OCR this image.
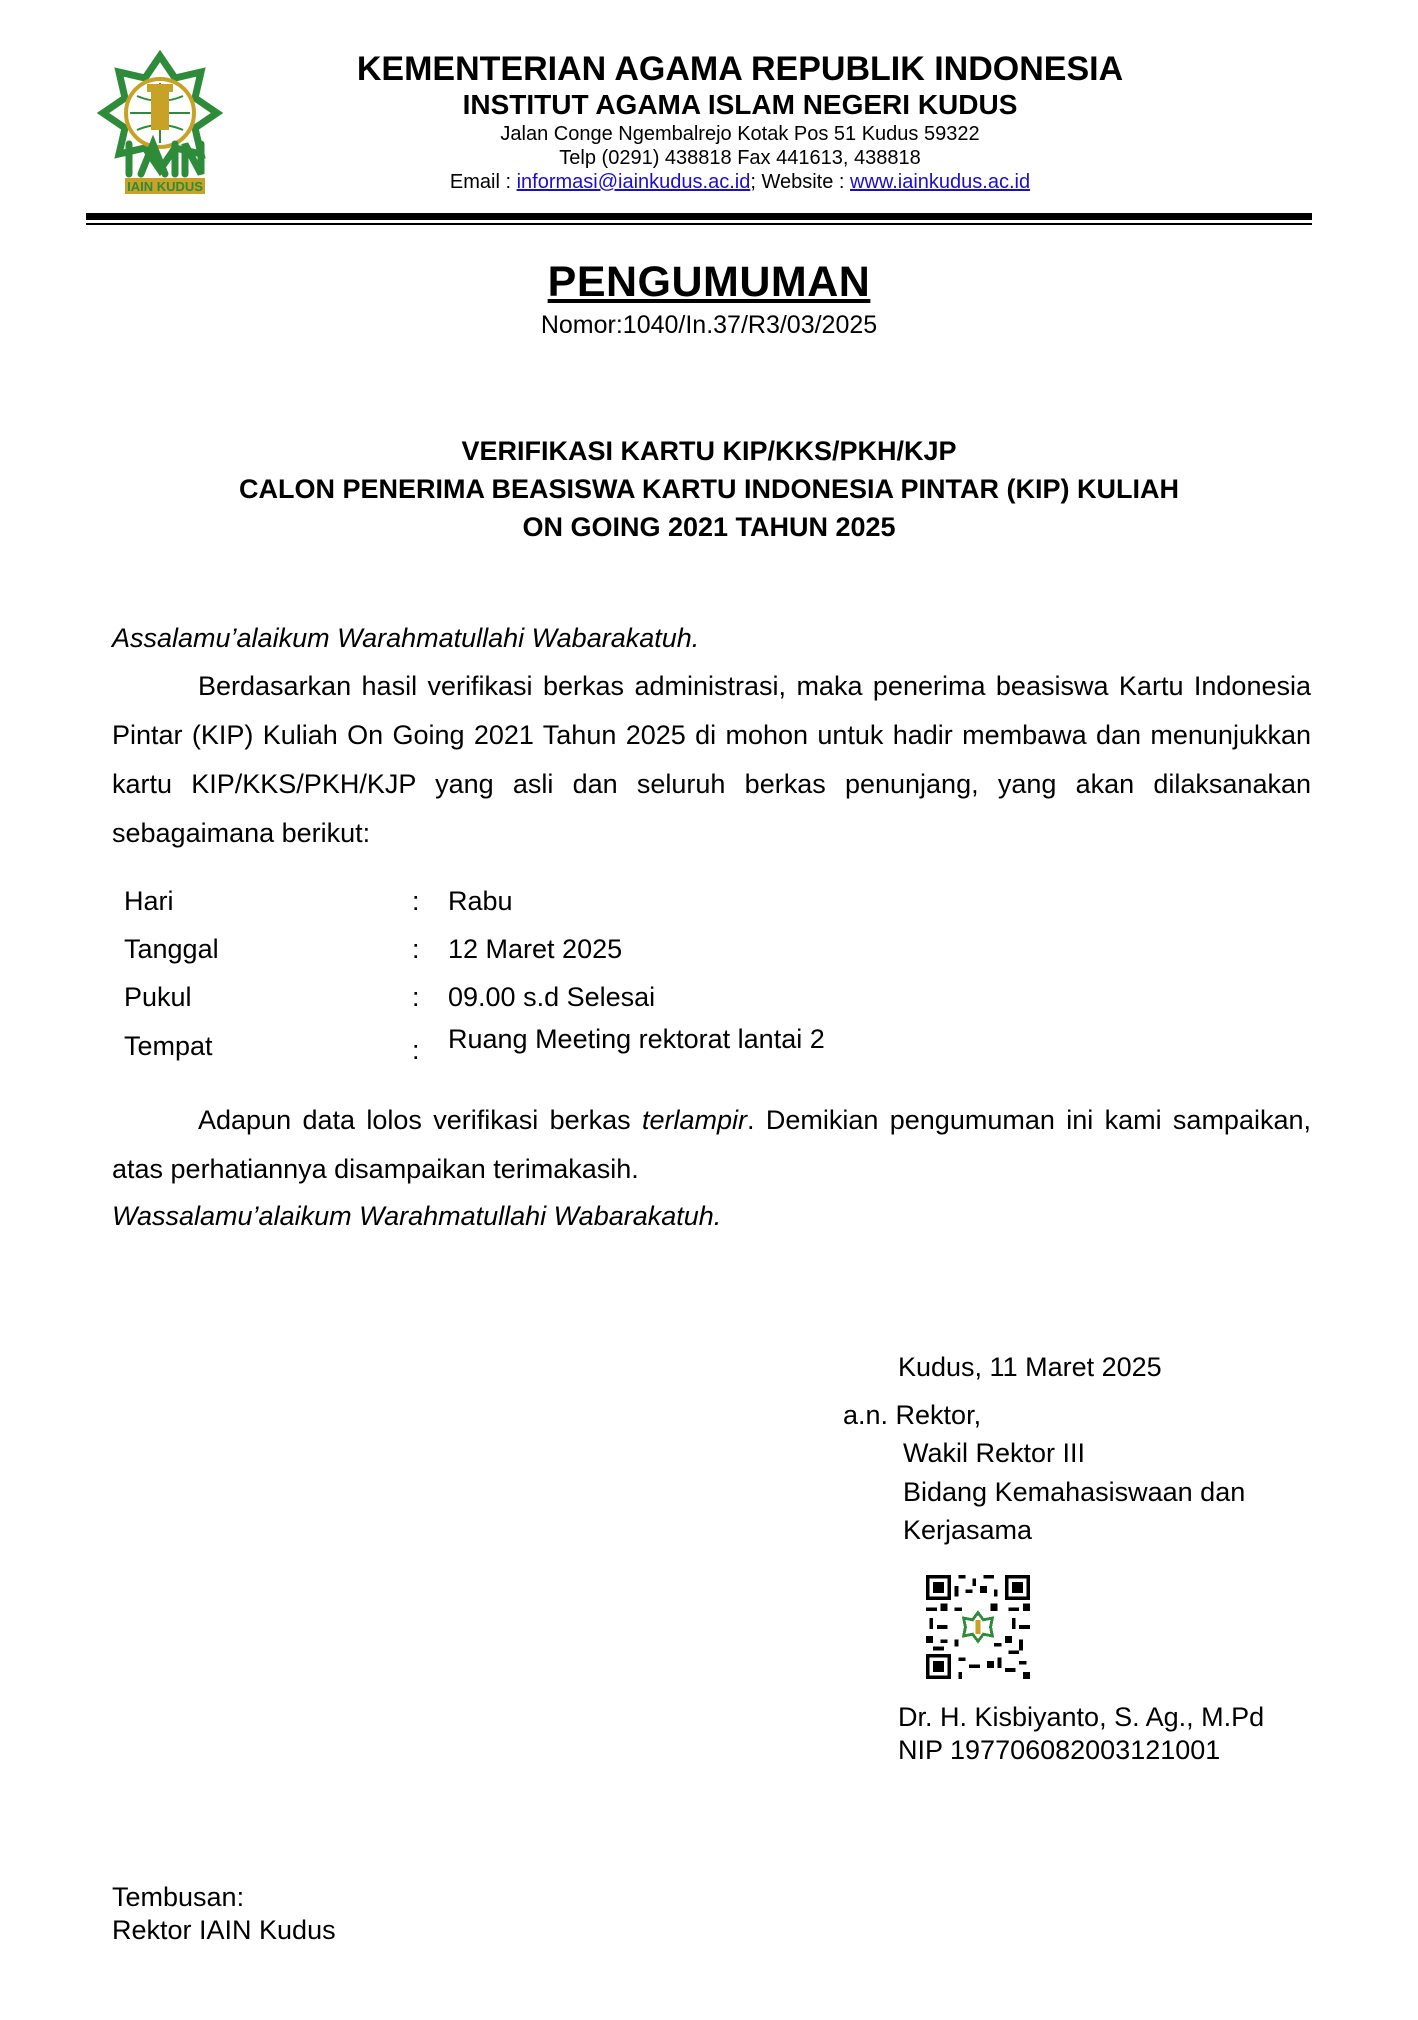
IAIN KUDUS
KEMENTERIAN AGAMA REPUBLIK INDONESIA
INSTITUT AGAMA ISLAM NEGERI KUDUS
Jalan Conge Ngembalrejo Kotak Pos 51 Kudus 59322
Telp (0291) 438818 Fax 441613, 438818
Email : informasi@iainkudus.ac.id; Website : www.iainkudus.ac.id
PENGUMUMAN
Nomor:1040/In.37/R3/03/2025
VERIFIKASI KARTU KIP/KKS/PKH/KJP
CALON PENERIMA BEASISWA KARTU INDONESIA PINTAR (KIP) KULIAH
ON GOING 2021 TAHUN 2025
Assalamu’alaikum Warahmatullahi Wabarakatuh.
Berdasarkan hasil verifikasi berkas administrasi, maka penerima beasiswa Kartu Indonesia Pintar (KIP) Kuliah On Going 2021 Tahun 2025 di mohon untuk hadir membawa dan menunjukkan kartu KIP/KKS/PKH/KJP yang asli dan seluruh berkas penunjang, yang akan dilaksanakan sebagaimana berikut:
Hari	: Rabu
Tanggal	: 12 Maret 2025
Pukul	: 09.00 s.d Selesai
Tempat	: Ruang Meeting rektorat lantai 2
Adapun data lolos verifikasi berkas terlampir. Demikian pengumuman ini kami sampaikan, atas perhatiannya disampaikan terimakasih.
Wassalamu’alaikum Warahmatullahi Wabarakatuh.
Kudus, 11 Maret 2025
a.n. Rektor,
Wakil Rektor III
Bidang Kemahasiswaan dan
Kerjasama
Dr. H. Kisbiyanto, S. Ag., M.Pd
NIP 197706082003121001
Tembusan:
Rektor IAIN Kudus
